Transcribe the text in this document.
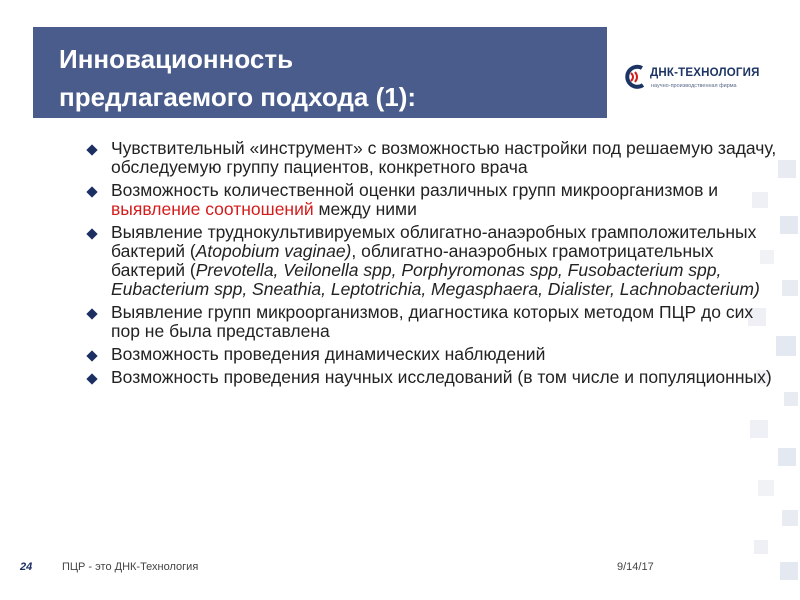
Инновационность
предлагаемого подхода (1):
ДНК-ТЕХНОЛОГИЯ
научно-производственная фирма
Чувствительный «инструмент» с возможностью настройки под решаемую задачу, обследуемую группу пациентов, конкретного врача
Возможность количественной оценки различных групп микроорганизмов и выявление соотношений между ними
Выявление труднокультивируемых облигатно-анаэробных грамположительных бактерий (Atopobium vaginae), облигатно-анаэробных грамотрицательных бактерий (Prevotella, Veilonella spp, Porphyromonas spp, Fusobacterium spp, Eubacterium spp, Sneathia, Leptotrichia, Megasphaera, Dialister, Lachnobacterium)
Выявление групп микроорганизмов, диагностика которых методом ПЦР до сих пор не была представлена
Возможность проведения динамических наблюдений
Возможность проведения научных исследований (в том числе и популяционных)
24	ПЦР - это ДНК-Технология	9/14/17
